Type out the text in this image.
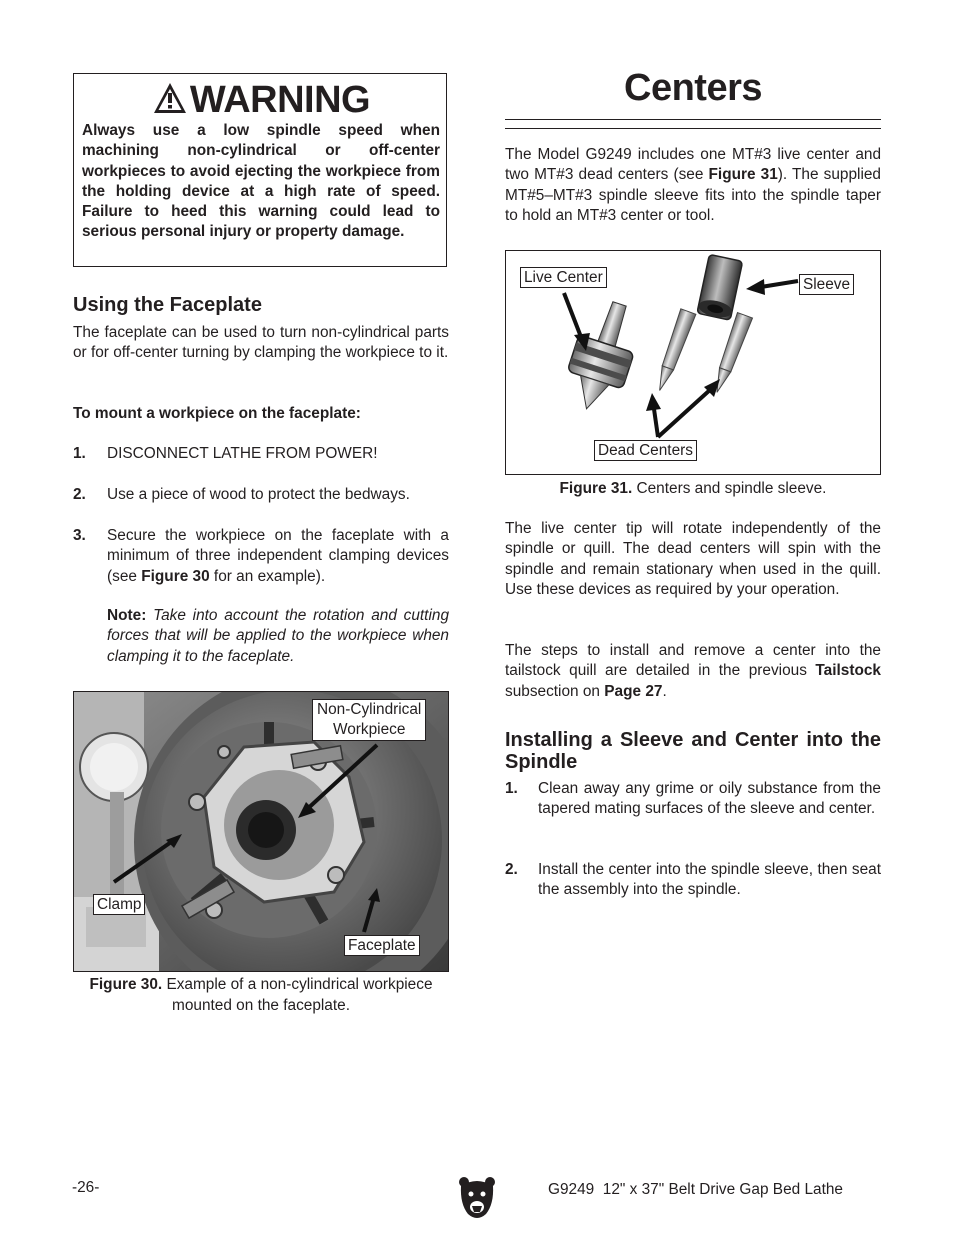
WARNING
Always use a low spindle speed when machining non-cylindrical or off-center workpieces to avoid ejecting the workpiece from the holding device at a high rate of speed. Failure to heed this warning could lead to serious personal injury or property damage.
Using the Faceplate
The faceplate can be used to turn non-cylindrical parts or for off-center turning by clamping the workpiece to it.
To mount a workpiece on the faceplate:
1. DISCONNECT LATHE FROM POWER!
2. Use a piece of wood to protect the bedways.
3. Secure the workpiece on the faceplate with a minimum of three independent clamping devices (see Figure 30 for an example).
Note: Take into account the rotation and cutting forces that will be applied to the workpiece when clamping it to the faceplate.
Non-Cylindrical
Workpiece
Clamp
Faceplate
Figure 30. Example of a non-cylindrical workpiece mounted on the faceplate.
Centers
The Model G9249 includes one MT#3 live center and two MT#3 dead centers (see Figure 31). The supplied MT#5–MT#3 spindle sleeve fits into the spindle taper to hold an MT#3 center or tool.
Live Center	Sleeve
Dead Centers
Figure 31. Centers and spindle sleeve.
The live center tip will rotate independently of the spindle or quill. The dead centers will spin with the spindle and remain stationary when used in the quill. Use these devices as required by your operation.
The steps to install and remove a center into the tailstock quill are detailed in the previous Tailstock subsection on Page 27.
Installing a Sleeve and Center into the Spindle
1. Clean away any grime or oily substance from the tapered mating surfaces of the sleeve and center.
2. Install the center into the spindle sleeve, then seat the assembly into the spindle.
-26-	G9249  12" x 37" Belt Drive Gap Bed Lathe
